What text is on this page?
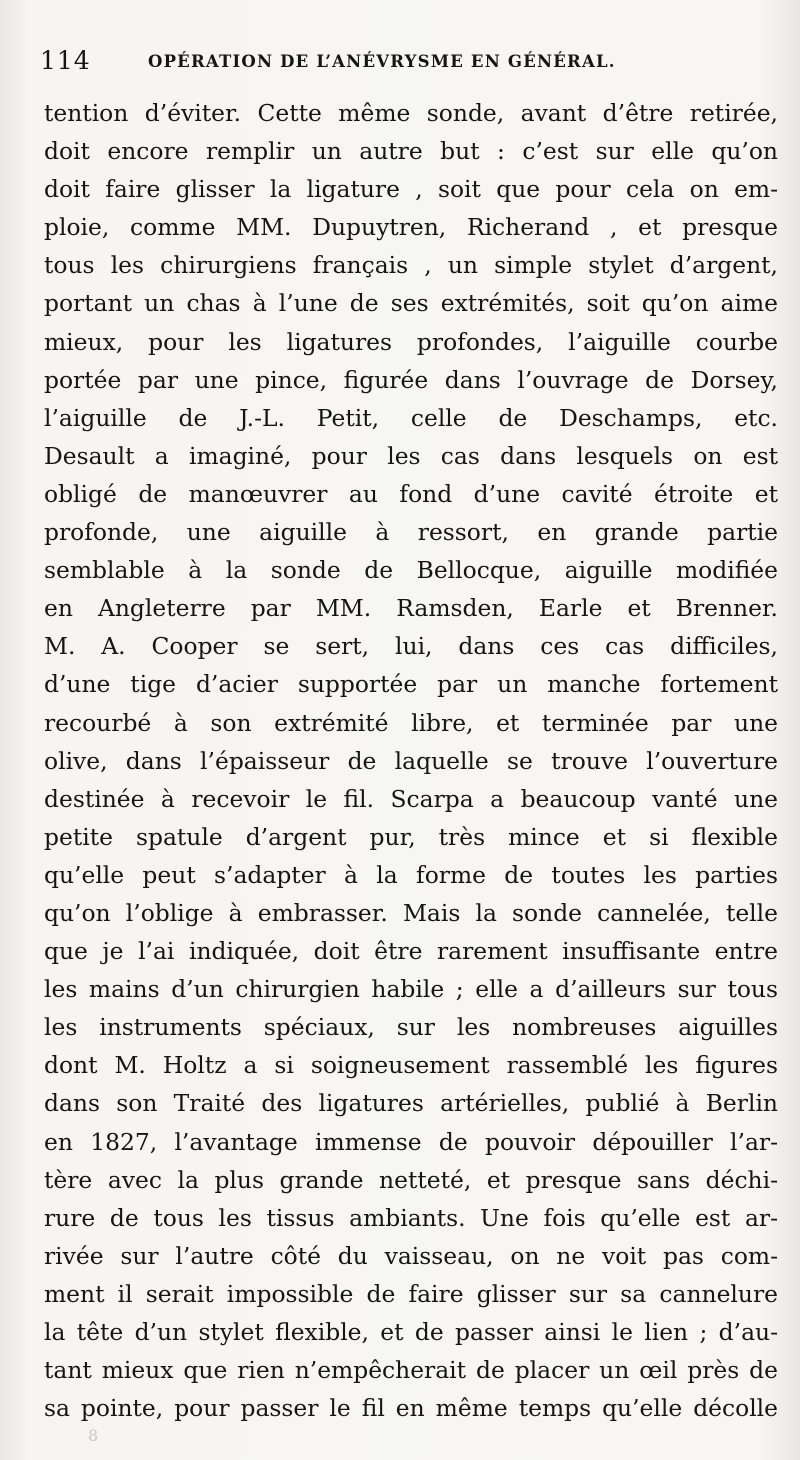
114	OPÉRATION DE L’ANÉVRYSME EN GÉNÉRAL.
tention d’éviter. Cette même sonde, avant d’être retirée,
doit encore remplir un autre but : c’est sur elle qu’on
doit faire glisser la ligature , soit que pour cela on em-
ploie, comme MM. Dupuytren, Richerand , et presque
tous les chirurgiens français , un simple stylet d’argent,
portant un chas à l’une de ses extrémités, soit qu’on aime
mieux, pour les ligatures profondes, l’aiguille courbe
portée par une pince, figurée dans l’ouvrage de Dorsey,
l’aiguille de J.-L. Petit, celle de Deschamps, etc.
Desault a imaginé, pour les cas dans lesquels on est
obligé de manœuvrer au fond d’une cavité étroite et
profonde, une aiguille à ressort, en grande partie
semblable à la sonde de Bellocque, aiguille modifiée
en Angleterre par MM. Ramsden, Earle et Brenner.
M. A. Cooper se sert, lui, dans ces cas difficiles,
d’une tige d’acier supportée par un manche fortement
recourbé à son extrémité libre, et terminée par une
olive, dans l’épaisseur de laquelle se trouve l’ouverture
destinée à recevoir le fil. Scarpa a beaucoup vanté une
petite spatule d’argent pur, très mince et si flexible
qu’elle peut s’adapter à la forme de toutes les parties
qu’on l’oblige à embrasser. Mais la sonde cannelée, telle
que je l’ai indiquée, doit être rarement insuffisante entre
les mains d’un chirurgien habile ; elle a d’ailleurs sur tous
les instruments spéciaux, sur les nombreuses aiguilles
dont M. Holtz a si soigneusement rassemblé les figures
dans son Traité des ligatures artérielles, publié à Berlin
en 1827, l’avantage immense de pouvoir dépouiller l’ar-
tère avec la plus grande netteté, et presque sans déchi-
rure de tous les tissus ambiants. Une fois qu’elle est ar-
rivée sur l’autre côté du vaisseau, on ne voit pas com-
ment il serait impossible de faire glisser sur sa cannelure
la tête d’un stylet flexible, et de passer ainsi le lien ; d’au-
tant mieux que rien n’empêcherait de placer un œil près de
sa pointe, pour passer le fil en même temps qu’elle décolle
8
